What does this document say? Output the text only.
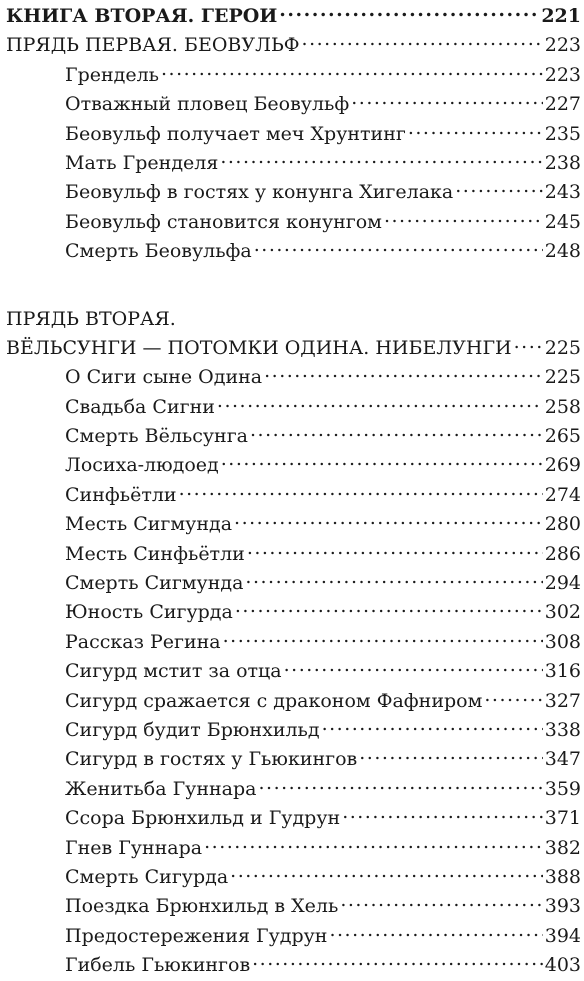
КНИГА ВТОРАЯ. ГЕРОИ .....	221
ПРЯДЬ ПЕРВАЯ. БЕОВУЛЬФ .....	223
Грендель .....	223
Отважный пловец Беовульф .....	227
Беовульф получает меч Хрунтинг .....	235
Мать Гренделя .....	238
Беовульф в гостях у конунга Хигелака .....	243
Беовульф становится конунгом .....	245
Смерть Беовульфа .....	248
ПРЯДЬ ВТОРАЯ.
ВЁЛЬСУНГИ — ПОТОМКИ ОДИНА. НИБЕЛУНГИ ..... 225
О Сиги сыне Одина .....	225
Свадьба Сигни .....	258
Смерть Вёльсунга .....	265
Лосиха-людоед .....	269
Синфьётли .....	274
Месть Сигмунда .....	280
Месть Синфьётли .....	286
Смерть Сигмунда .....	294
Юность Сигурда .....	302
Рассказ Регина .....	308
Сигурд мстит за отца .....	316
Сигурд сражается с драконом Фафниром .....	327
Сигурд будит Брюнхильд .....	338
Сигурд в гостях у Гьюкингов .....	347
Женитьба Гуннара .....	359
Ссора Брюнхильд и Гудрун .....	371
Гнев Гуннара .....	382
Смерть Сигурда .....	388
Поездка Брюнхильд в Хель .....	393
Предостережения Гудрун .....	394
Гибель Гьюкингов .....	403
